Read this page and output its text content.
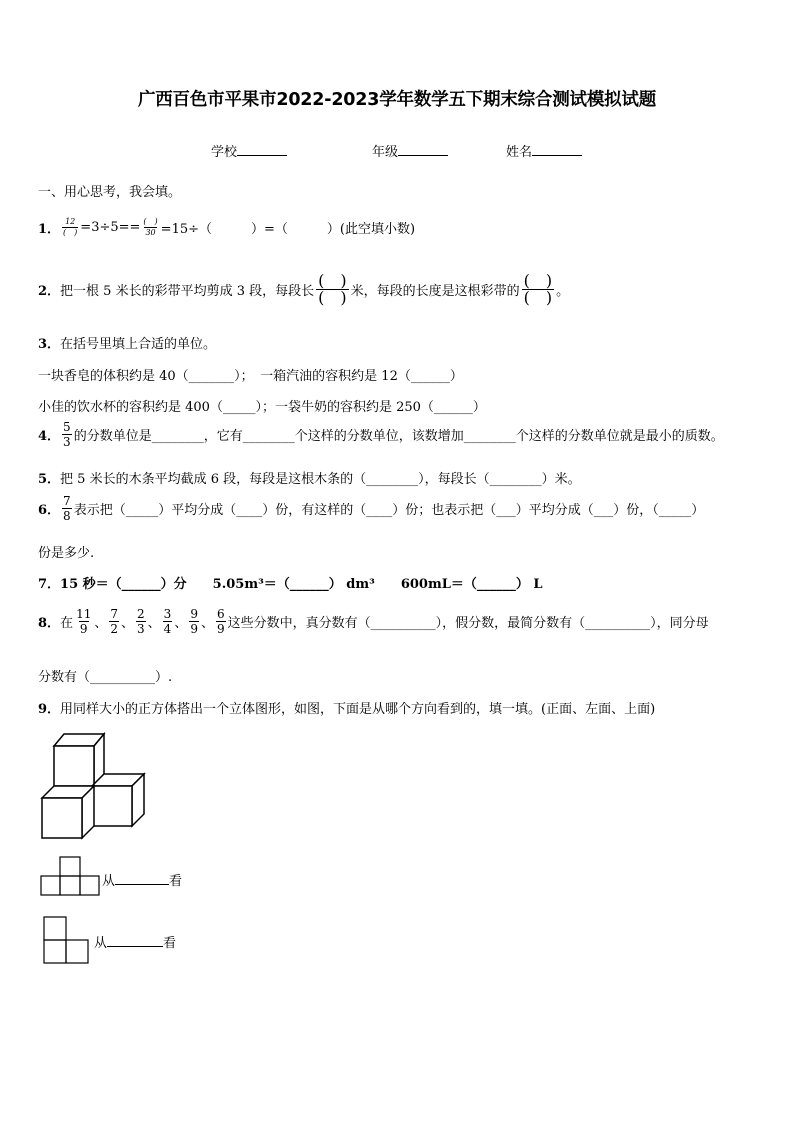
广西百色市平果市2022-2023学年数学五下期末综合测试模拟试题
学校	年级	姓名
一、用心思考，我会填。
1． $\frac{12}{( )} =3\div 5== \frac{( )}{30} =15\div$（　　　）=（　　　）(此空填小数)
2． 把一根 5 米长的彩带平均剪成 3 段，每段长 $\frac{( )}{( )}$ 米，每段的长度是这根彩带的 $\frac{( )}{( )}$ 。
3．在括号里填上合适的单位。
一块香皂的体积约是 40（_______）；　一箱汽油的容积约是 12（______）
小佳的饮水杯的容积约是 400（_____）；一袋牛奶的容积约是 250（______）
4． $\frac{5}{3}$ 的分数单位是________，它有________个这样的分数单位，该数增加________个这样的分数单位就是最小的质数。
5．把 5 米长的木条平均截成 6 段，每段是这根木条的（________），每段长（________）米。
6． $\frac{7}{8}$ 表示把（_____）平均分成（____）份，有这样的（____）份；也表示把（___）平均分成（___）份，（_____）
份是多少.
7．15 秒＝（______）分　　5.05m³＝（______） dm³　　600mL＝（______） L
8． 在 $\frac{11}{9}$ 、 $\frac{7}{2}$ 、 $\frac{2}{3}$ 、 $\frac{3}{4}$ 、 $\frac{9}{9}$ 、 $\frac{6}{9}$ 这些分数中，真分数有（__________），假分数，最简分数有（__________），同分母
分数有（__________）.
9．用同样大小的正方体搭出一个立体图形，如图，下面是从哪个方向看到的，填一填。(正面、左面、上面)
从	看
从	看
